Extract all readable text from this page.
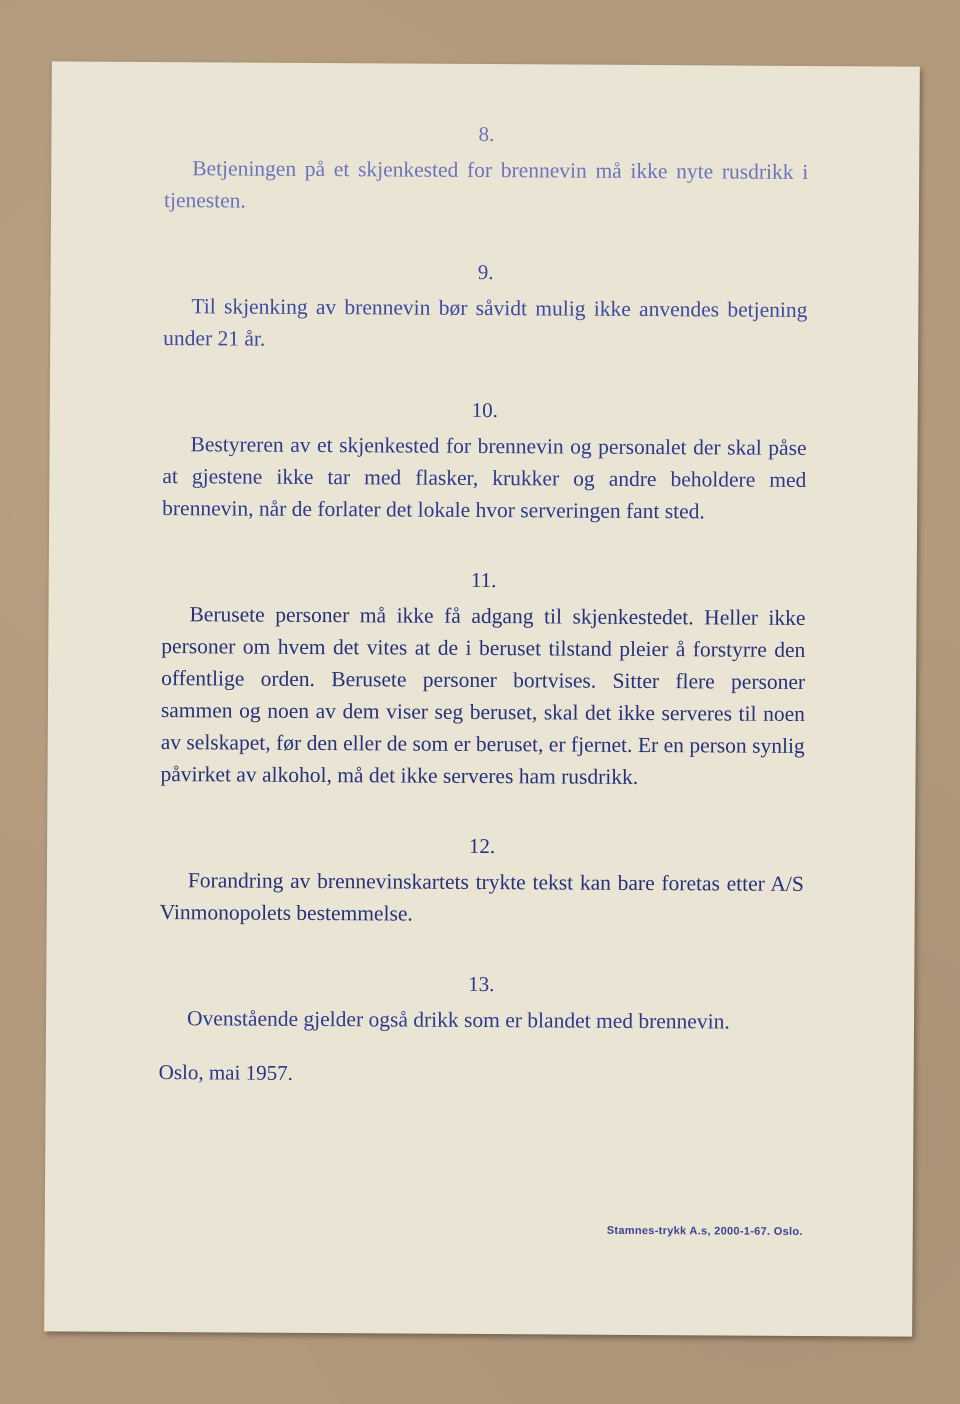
8.
Betjeningen på et skjenkested for brennevin må ikke nyte rusdrikk i tjenesten.
9.
Til skjenking av brennevin bør såvidt mulig ikke anvendes betjening under 21 år.
10.
Bestyreren av et skjenkested for brennevin og personalet der skal påse at gjestene ikke tar med flasker, krukker og andre beholdere med brennevin, når de forlater det lokale hvor serveringen fant sted.
11.
Berusete personer må ikke få adgang til skjenkestedet. Heller ikke personer om hvem det vites at de i beruset tilstand pleier å forstyrre den offentlige orden. Berusete personer bortvises. Sitter flere personer sammen og noen av dem viser seg beruset, skal det ikke serveres til noen av selskapet, før den eller de som er beruset, er fjernet. Er en person synlig påvirket av alkohol, må det ikke serveres ham rusdrikk.
12.
Forandring av brennevinskartets trykte tekst kan bare foretas etter A/S Vinmonopolets bestemmelse.
13.
Ovenstående gjelder også drikk som er blandet med brennevin.
Oslo, mai 1957.
Stamnes-trykk A.s, 2000-1-67. Oslo.
